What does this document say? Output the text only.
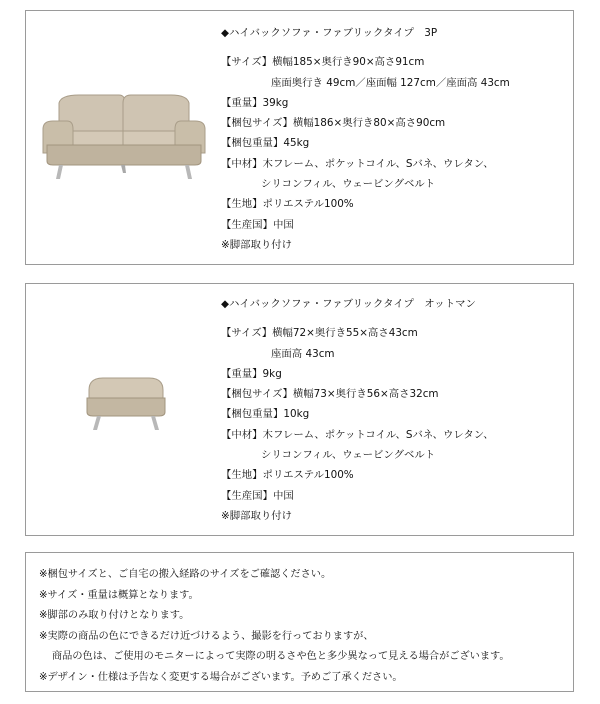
◆ハイバックソファ・ファブリックタイプ　3P
【サイズ】横幅185×奥行き90×高さ91cm
座面奥行き 49cm／座面幅 127cm／座面高 43cm
【重量】39kg
【梱包サイズ】横幅186×奥行き80×高さ90cm
【梱包重量】45kg
【中材】木フレーム、ポケットコイル、Sバネ、ウレタン、
シリコンフィル、ウェービングベルト
【生地】ポリエステル100%
【生産国】中国
※脚部取り付け
◆ハイバックソファ・ファブリックタイプ　オットマン
【サイズ】横幅72×奥行き55×高さ43cm
座面高 43cm
【重量】9kg
【梱包サイズ】横幅73×奥行き56×高さ32cm
【梱包重量】10kg
【中材】木フレーム、ポケットコイル、Sバネ、ウレタン、
シリコンフィル、ウェービングベルト
【生地】ポリエステル100%
【生産国】中国
※脚部取り付け
※梱包サイズと、ご自宅の搬入経路のサイズをご確認ください。
※サイズ・重量は概算となります。
※脚部のみ取り付けとなります。
※実際の商品の色にできるだけ近づけるよう、撮影を行っておりますが、
商品の色は、ご使用のモニターによって実際の明るさや色と多少異なって見える場合がございます。
※デザイン・仕様は予告なく変更する場合がございます。予めご了承ください。
